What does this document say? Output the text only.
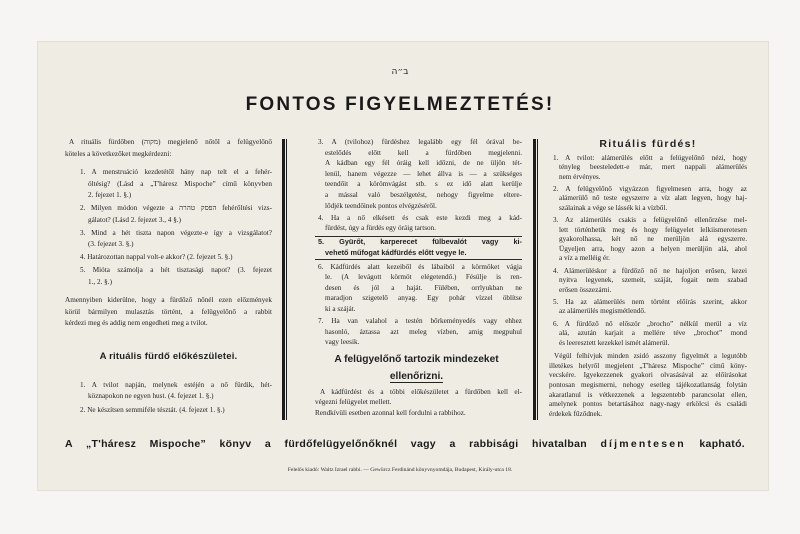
ב״ה
FONTOS FIGYELMEZTETÉS!
A rituális fürdőben (מקוה) megjelenő nőtől a felügyelőnő
köteles a következőket megkérdezni:
1. A menstruáció kezdetétől hány nap telt el a fehér-
öltésig? (Lásd a „T'háresz Mispoche” című könyvben
2. fejezet 1. §.)
2. Milyen módon végezte a הפסק טהרה fehérőltési vizs-
gálatot? (Lásd 2. fejezet 3., 4 §.)
3. Mind a hét tiszta napon végezte-e így a vizsgálatot?
(3. fejezet 3. §.)
4. Határozottan nappal volt-e akkor? (2. fejezet 5. §.)
5. Mióta számolja a hét tisztasági napot? (3. fejezet
1., 2. §.)
Amennyiben kiderülne, hogy a fürdőző nőnél ezen előzmények
körül bármilyen mulasztás történt, a felügyelőnő a rabbit
kérdezi meg és addig nem engedheti meg a tvilot.
A rituális fürdő előkészületei.
1. A tvilot napján, melynek estéjén a nő fürdik, hét-
köznapokon ne egyen hust. (4. fejezet 1. §.)
2. Ne készítsen semmiféle tésztát. (4. fejezet 1. §.)
3. A (tvilohoz) fürdéshez legalább egy fél órával be-
estelődés előtt kell a fürdőben megjelenni.
A kádban egy fél óráig kell időzni, de ne üljön tét-
lenül, hanem végezze — lehet állva is — a szükséges
teendőit a körömvágást stb. s ez idő alatt kerülje
a mással való beszélgetést, nehogy figyelme eltere-
lődjék teendőinek pontos elvégzéséről.
4. Ha a nő elkésett és csak este kezdi meg a kád-
fürdést, úgy a fürdés egy óráig tartson.
5. Gyürőt, karperecet fülbevalót vagy ki-
vehető műfogat kádfürdés előtt vegye le.
6. Kádfürdés alatt kezeiből és lábaiból a körmöket vágja
le. (A levágott körmöt elégetendő.) Fésülje is ren-
desen és jól a haját. Fülében, orrlyukban ne
maradjon szigetelő anyag. Egy pohár vízzel öblítse
ki a száját.
7. Ha van valahol a testén bőrkeményedés vagy ehhez
hasonló, áztassa azt meleg vízben, amig megpuhul
vagy leesik.
A felügyelőnő tartozik mindezeket
ellenőrizni.
A kádfürdést és a többi előkészületet a fürdőben kell el-
végezni felügyelet mellett.
Rendkívüli esetben azonnal kell fordulni a rabbihoz.
Rituális fürdés!
1. A tvilot: alámerülés előtt a felügyelőnő nézi, hogy
tényleg beesteledett-e már, mert nappali alámerülés
nem érvényes.
2. A felügyelőnő vigyázzon figyelmesen arra, hogy az
alámerülő nő teste egyszerre a víz alatt legyen, hogy haj-
szálainak a vége se lássék ki a vízből.
3. Az alámerülés csakis a felügyelőnő ellenőrzése mel-
lett történhetik meg és hogy felügyelet lelkiismeretesen
gyakorolhassa, két nő ne merüljön alá egyszerre.
Ügyeljen arra, hogy azon a helyen merüljön alá, ahol
a víz a melléig ér.
4. Alámerüléskor a fürdőző nő ne hajoljon erősen, kezei
nyitva legyenek, szemeit, száját, fogait nem szabad
erősen összezárni.
5. Ha az alámerülés nem történt előírás szerint, akkor
az alámerülés megismétlendő.
6. A fürdőző nő először „brocho” nélkül merül a víz
alá, azután karjait a mellére téve „brochot” mond
és leeresztett kezekkel ismét alámerül.
Végül felhívjuk minden zsidó asszony figyelmét a legutóbb
illetékes helyről megjelent „T'háresz Mispoche” című köny-
vecskére. Igyekezzenek gyakori olvasásával az előírásokat
pontosan megismerni, nehogy esetleg tájékozatlanság folytán
akaratlanul is vétkezzenek a legszentebb parancsolat ellen,
amelynek pontos betartásához nagy-nagy erkölcsi és családi
érdekek fűződnek.
A „T'háresz Mispoche” könyv a fürdőfelügyelőnőknél vagy a rabbisági hivatalban díjmentesen kapható.
Felelős kiadó: Waltz Izrael rabbi. — Gewürcz Ferdinánd könyvnyomdája, Budapest, Király-utca 18.
